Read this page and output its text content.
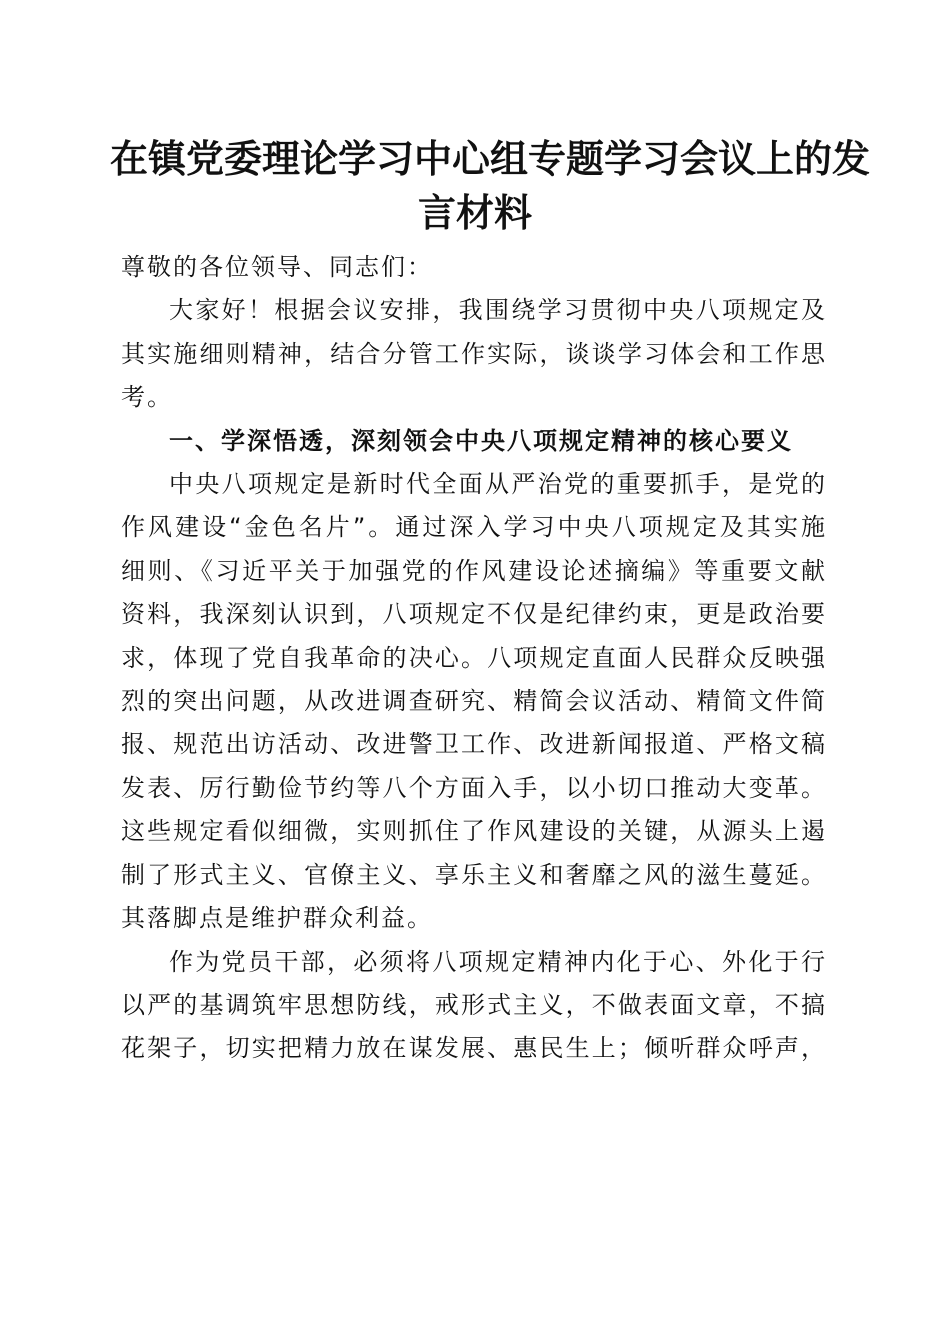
在镇党委理论学习中心组专题学习会议上的发
言材料

尊敬的各位领导、同志们：

大家好！根据会议安排，我围绕学习贯彻中央八项规定及
其实施细则精神，结合分管工作实际，谈谈学习体会和工作思
考。

一、学深悟透，深刻领会中央八项规定精神的核心要义

中央八项规定是新时代全面从严治党的重要抓手，是党的
作风建设“金色名片”。通过深入学习中央八项规定及其实施
细则、《习近平关于加强党的作风建设论述摘编》等重要文献
资料，我深刻认识到，八项规定不仅是纪律约束，更是政治要
求，体现了党自我革命的决心。八项规定直面人民群众反映强
烈的突出问题，从改进调查研究、精简会议活动、精简文件简
报、规范出访活动、改进警卫工作、改进新闻报道、严格文稿
发表、厉行勤俭节约等八个方面入手，以小切口推动大变革。
这些规定看似细微，实则抓住了作风建设的关键，从源头上遏
制了形式主义、官僚主义、享乐主义和奢靡之风的滋生蔓延。
其落脚点是维护群众利益。

作为党员干部，必须将八项规定精神内化于心、外化于行
以严的基调筑牢思想防线，戒形式主义，不做表面文章，不搞
花架子，切实把精力放在谋发展、惠民生上；倾听群众呼声，
